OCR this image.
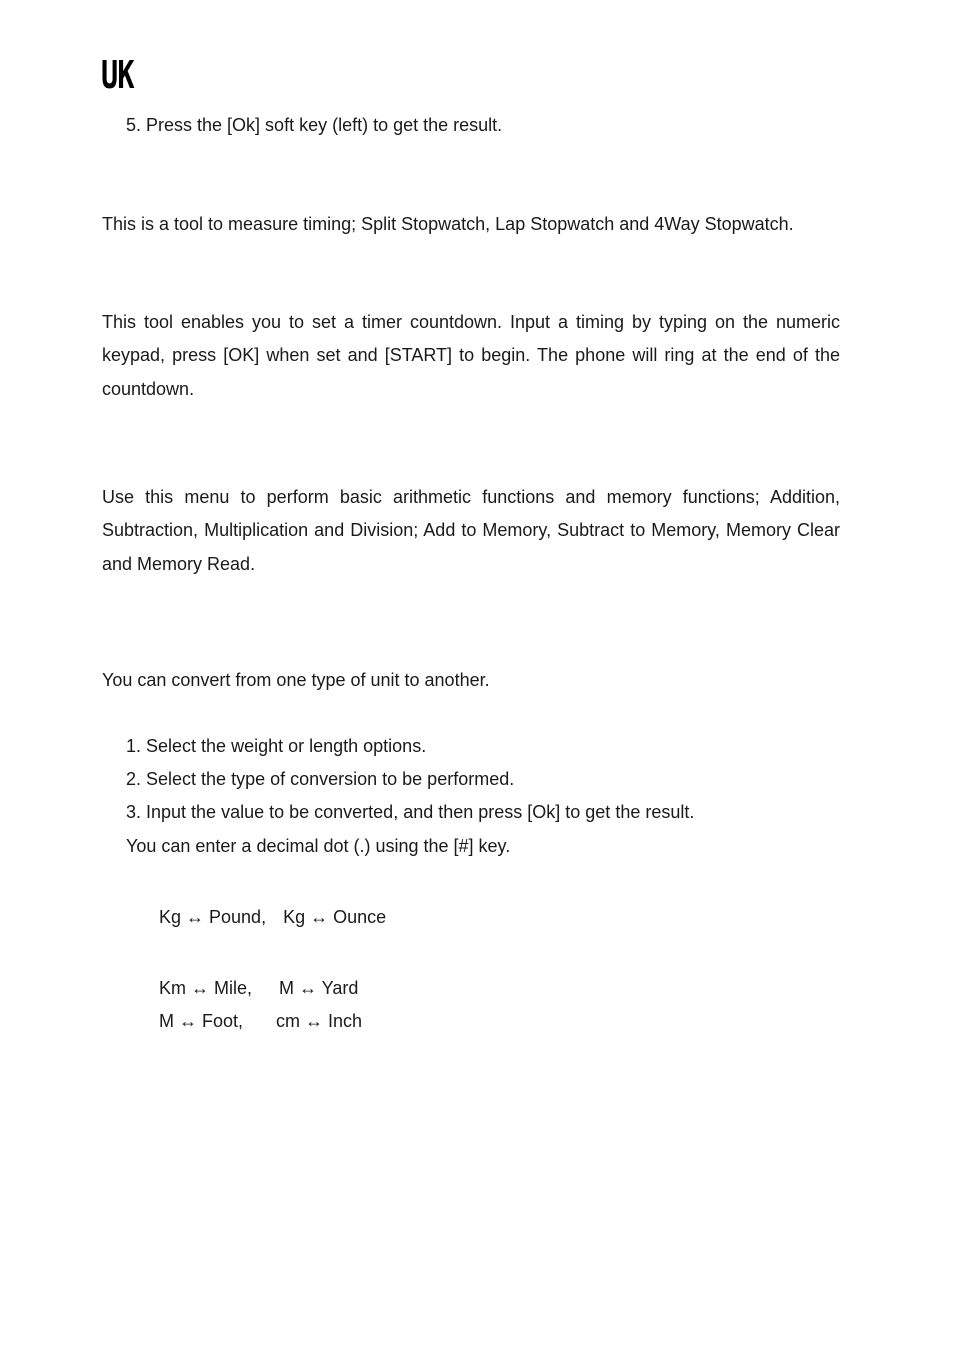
UK
5. Press the [Ok] soft key (left) to get the result.
This is a tool to measure timing; Split Stopwatch, Lap Stopwatch and 4Way Stopwatch.
This tool enables you to set a timer countdown. Input a timing by typing on the numeric keypad, press [OK] when set and [START] to begin. The phone will ring at the end of the countdown.
Use this menu to perform basic arithmetic functions and memory functions; Addition, Subtraction, Multiplication and Division; Add to Memory, Subtract to Memory, Memory Clear and Memory Read.
You can convert from one type of unit to another.
1. Select the weight or length options.
2. Select the type of conversion to be performed.
3. Input the value to be converted, and then press [Ok] to get the result.
You can enter a decimal dot (.) using the [#] key.
Kg ↔ Pound, Kg ↔ Ounce
Km ↔ Mile, M ↔ Yard
M ↔ Foot, cm ↔ Inch
